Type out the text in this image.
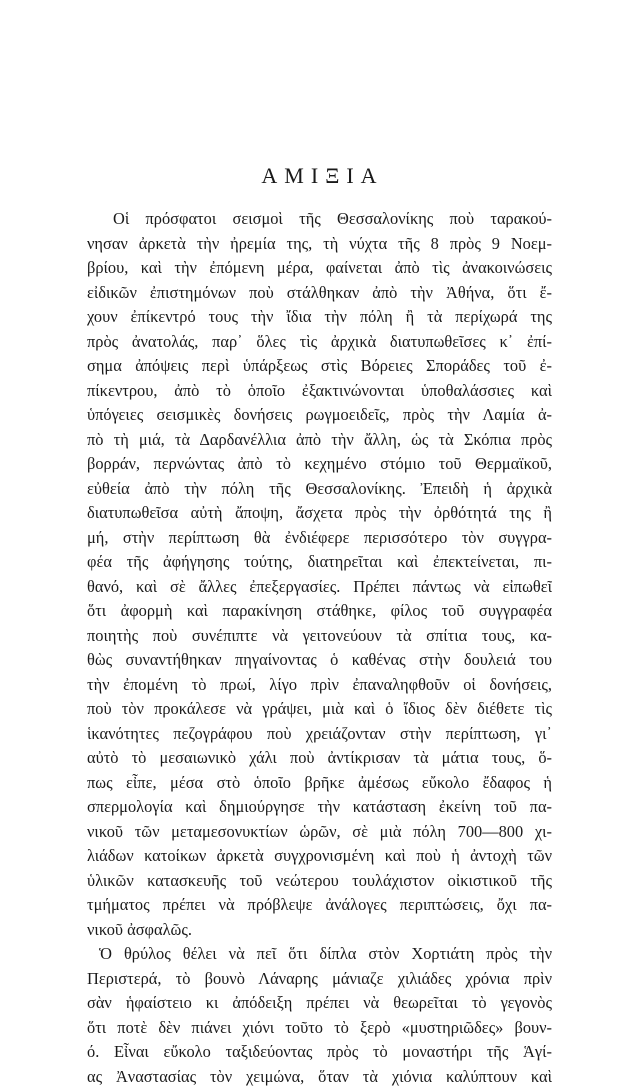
ΑΜΙΞΙΑ
Οἱ πρόσφατοι σεισμοὶ τῆς Θεσσαλονίκης ποὺ ταρακού-
νησαν ἀρκετὰ τὴν ἠρεμία της, τὴ νύχτα τῆς 8 πρὸς 9 Νοεμ-
βρίου, καὶ τὴν ἐπόμενη μέρα, φαίνεται ἀπὸ τὶς ἀνακοινώσεις
εἰδικῶν ἐπιστημόνων ποὺ στάλθηκαν ἀπὸ τὴν Ἀθήνα, ὅτι ἔ-
χουν ἐπίκεντρό τους τὴν ἴδια τὴν πόλη ἢ τὰ περίχωρά της
πρὸς ἀνατολάς, παρ᾽ ὅλες τὶς ἀρχικὰ διατυπωθεῖσες κ᾽ ἐπί-
σημα ἀπόψεις περὶ ὑπάρξεως στὶς Βόρειες Σποράδες τοῦ ἐ-
πίκεντρου, ἀπὸ τὸ ὁποῖο ἐξακτινώνονται ὑποθαλάσσιες καὶ
ὑπόγειες σεισμικὲς δονήσεις ρωγμοειδεῖς, πρὸς τὴν Λαμία ἀ-
πὸ τὴ μιά, τὰ Δαρδανέλλια ἀπὸ τὴν ἄλλη, ὡς τὰ Σκόπια πρὸς
βορράν, περνώντας ἀπὸ τὸ κεχημένο στόμιο τοῦ Θερμαϊκοῦ,
εὐθεία ἀπὸ τὴν πόλη τῆς Θεσσαλονίκης. Ἐπειδὴ ἡ ἀρχικὰ
διατυπωθεῖσα αὐτὴ ἄποψη, ἄσχετα πρὸς τὴν ὀρθότητά της ἢ
μή, στὴν περίπτωση θὰ ἐνδιέφερε περισσότερο τὸν συγγρα-
φέα τῆς ἀφήγησης τούτης, διατηρεῖται καὶ ἐπεκτείνεται, πι-
θανό, καὶ σὲ ἄλλες ἐπεξεργασίες. Πρέπει πάντως νὰ εἰπωθεῖ
ὅτι ἀφορμὴ καὶ παρακίνηση στάθηκε, φίλος τοῦ συγγραφέα
ποιητὴς ποὺ συνέπιπτε νὰ γειτονεύουν τὰ σπίτια τους, κα-
θὼς συναντήθηκαν πηγαίνοντας ὁ καθένας στὴν δουλειά του
τὴν ἐπομένη τὸ πρωί, λίγο πρὶν ἐπαναληφθοῦν οἱ δονήσεις,
ποὺ τὸν προκάλεσε νὰ γράψει, μιὰ καὶ ὁ ἴδιος δὲν διέθετε τὶς
ἱκανότητες πεζογράφου ποὺ χρειάζονταν στὴν περίπτωση, γι᾽
αὐτὸ τὸ μεσαιωνικὸ χάλι ποὺ ἀντίκρισαν τὰ μάτια τους, ὅ-
πως εἶπε, μέσα στὸ ὁποῖο βρῆκε ἀμέσως εὔκολο ἔδαφος ἡ
σπερμολογία καὶ δημιούργησε τὴν κατάσταση ἐκείνη τοῦ πα-
νικοῦ τῶν μεταμεσονυκτίων ὡρῶν, σὲ μιὰ πόλη 700—800 χι-
λιάδων κατοίκων ἀρκετὰ συγχρονισμένη καὶ ποὺ ἡ ἀντοχὴ τῶν
ὑλικῶν κατασκευῆς τοῦ νεώτερου τουλάχιστον οἰκιστικοῦ τῆς
τμήματος πρέπει νὰ πρόβλεψε ἀνάλογες περιπτώσεις, ὄχι πα-
νικοῦ ἀσφαλῶς.
Ὁ θρύλος θέλει νὰ πεῖ ὅτι δίπλα στὸν Χορτιάτη πρὸς τὴν
Περιστερά, τὸ βουνὸ Λάναρης μάνιαζε χιλιάδες χρόνια πρὶν
σὰν ἡφαίστειο κι ἀπόδειξη πρέπει νὰ θεωρεῖται τὸ γεγονὸς
ὅτι ποτὲ δὲν πιάνει χιόνι τοῦτο τὸ ξερὸ «μυστηριῶδες» βουν-
ό. Εἶναι εὔκολο ταξιδεύοντας πρὸς τὸ μοναστήρι τῆς Ἁγί-
ας Ἀναστασίας τὸν χειμώνα, ὅταν τὰ χιόνια καλύπτουν καὶ
